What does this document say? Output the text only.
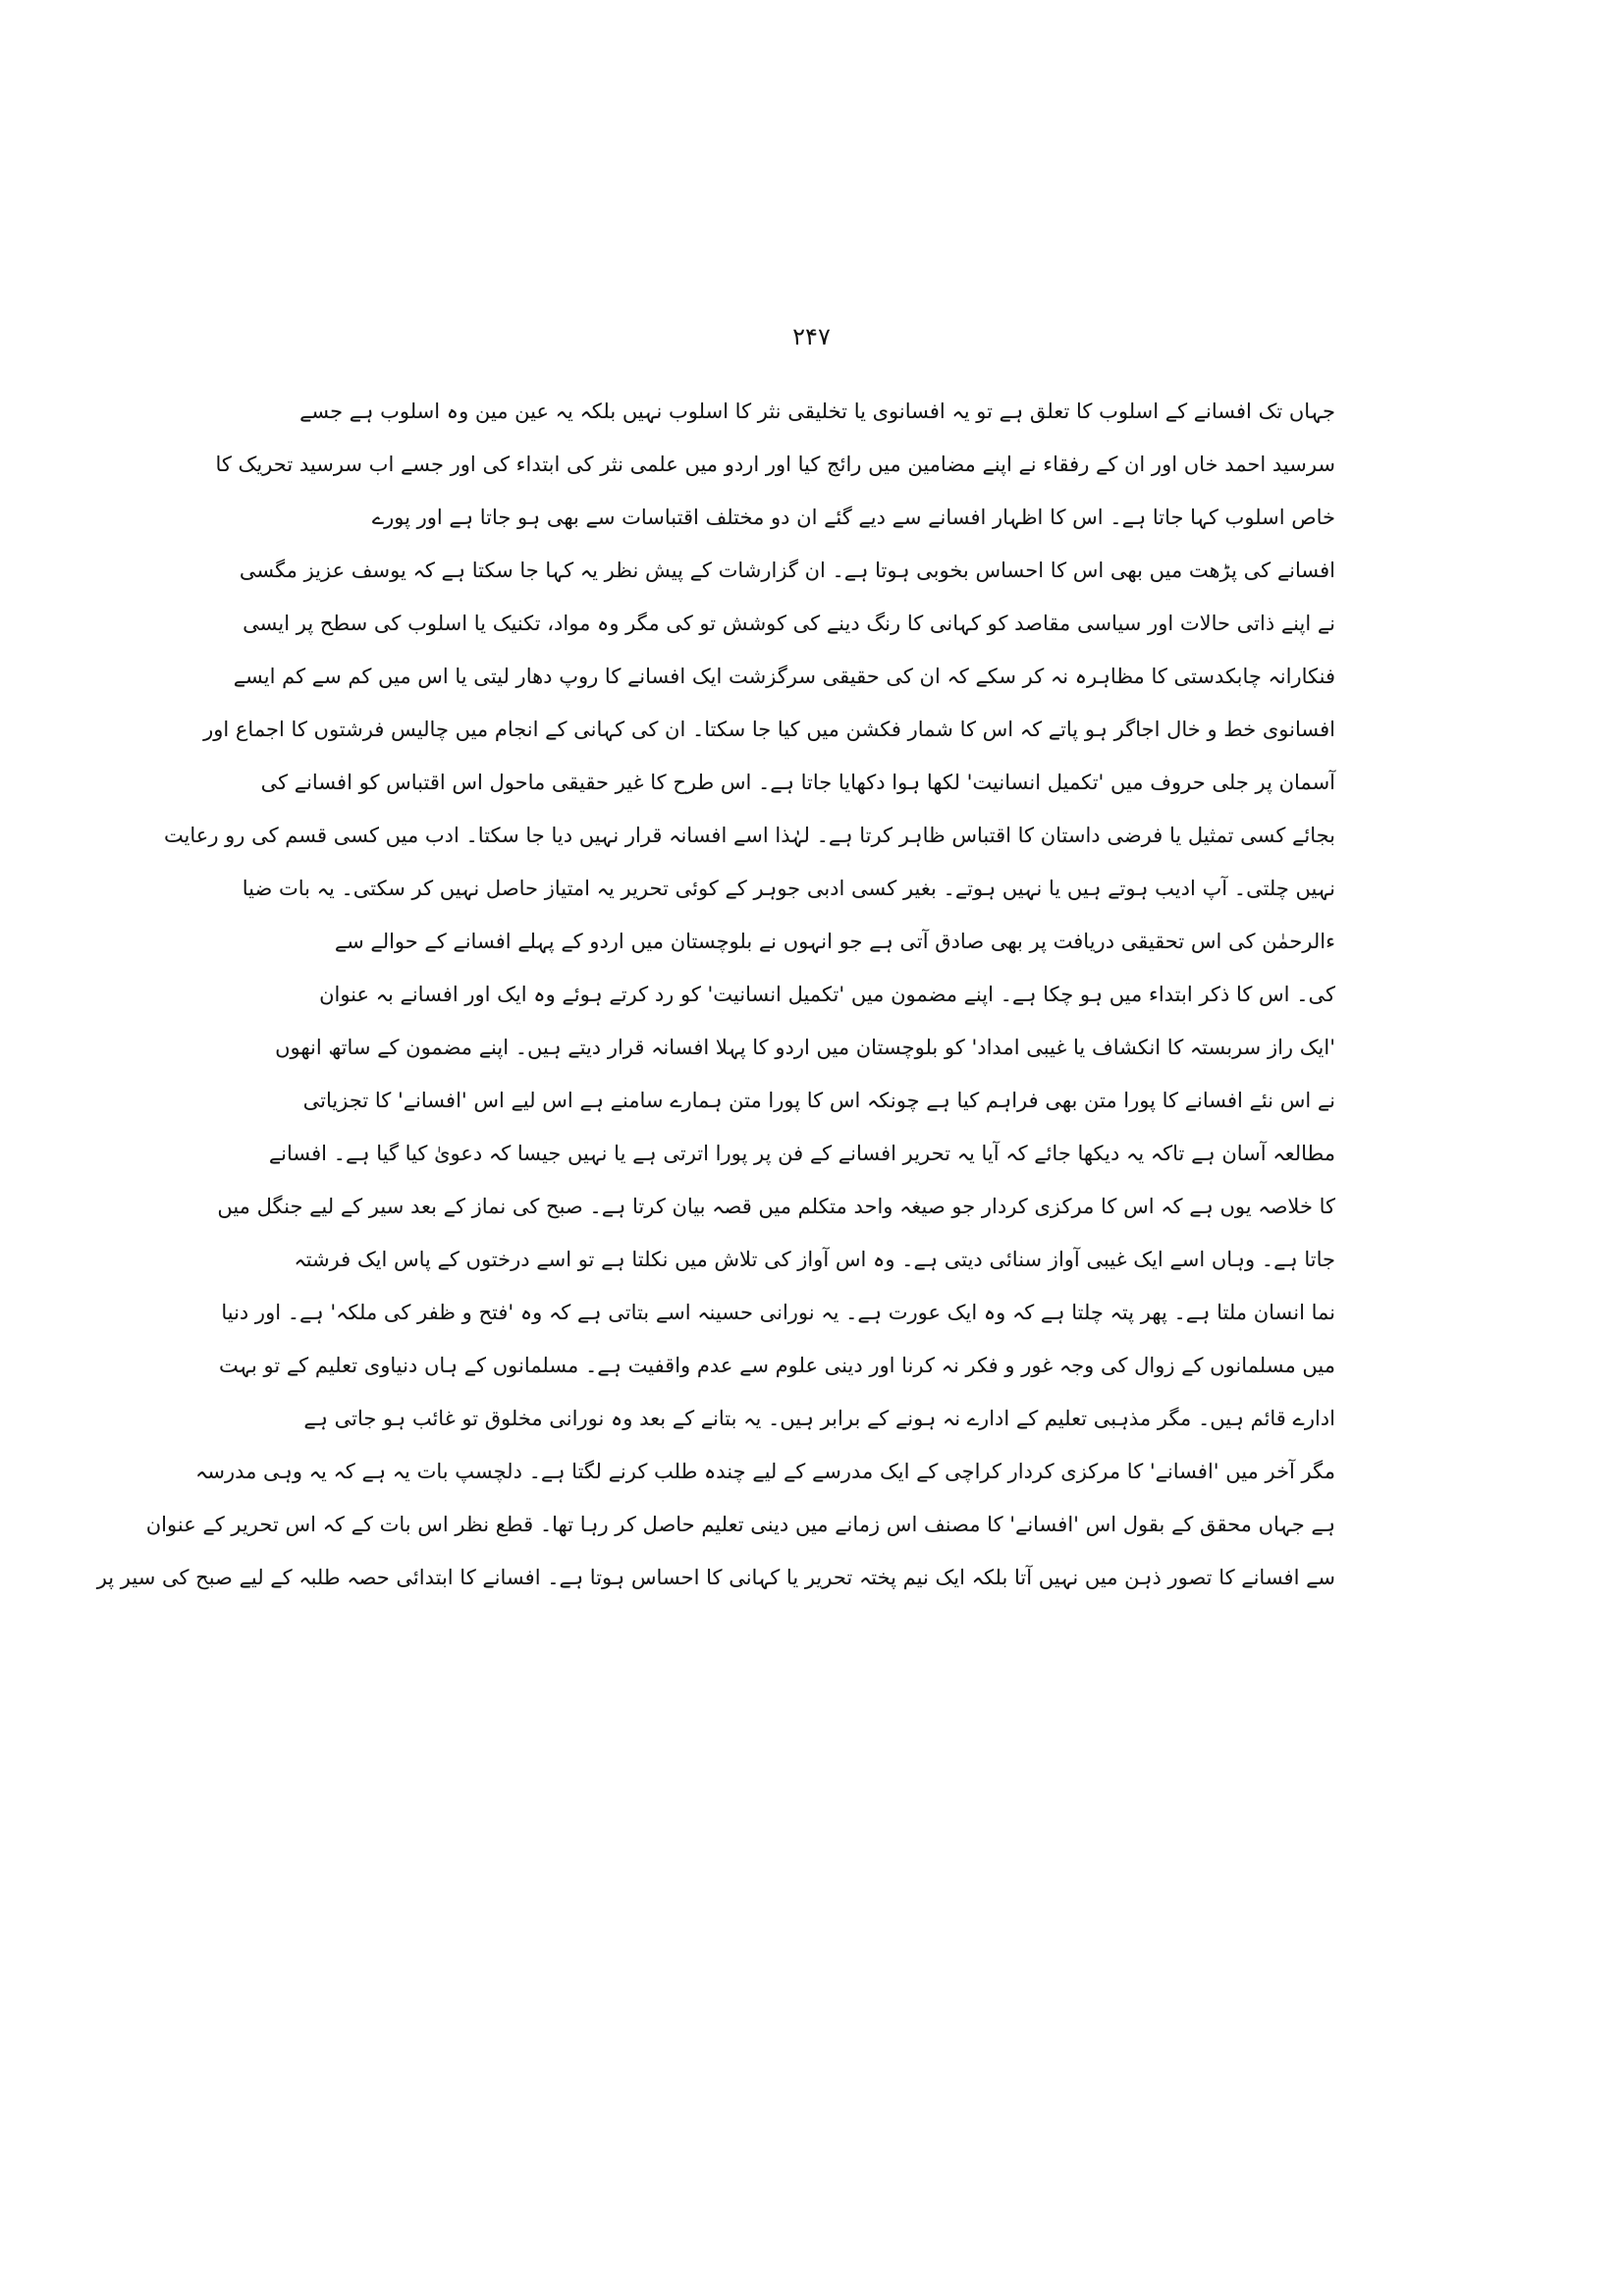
۲۴۷
جہاں تک افسانے کے اسلوب کا تعلق ہے تو یہ افسانوی یا تخلیقی نثر کا اسلوب نہیں بلکہ یہ عین مین وہ اسلوب ہے جسے
سرسید احمد خاں اور ان کے رفقاء نے اپنے مضامین میں رائج کیا اور اردو میں علمی نثر کی ابتداء کی اور جسے اب سرسید تحریک کا
خاص اسلوب کہا جاتا ہے۔ اس کا اظہار افسانے سے دیے گئے ان دو مختلف اقتباسات سے بھی ہو جاتا ہے اور پورے
افسانے کی پڑھت میں بھی اس کا احساس بخوبی ہوتا ہے۔ ان گزارشات کے پیش نظر یہ کہا جا سکتا ہے کہ یوسف عزیز مگسی
نے اپنے ذاتی حالات اور سیاسی مقاصد کو کہانی کا رنگ دینے کی کوشش تو کی مگر وہ مواد، تکنیک یا اسلوب کی سطح پر ایسی
فنکارانہ چابکدستی کا مظاہرہ نہ کر سکے کہ ان کی حقیقی سرگزشت ایک افسانے کا روپ دھار لیتی یا اس میں کم سے کم ایسے
افسانوی خط و خال اجاگر ہو پاتے کہ اس کا شمار فکشن میں کیا جا سکتا۔ ان کی کہانی کے انجام میں چالیس فرشتوں کا اجماع اور
آسمان پر جلی حروف میں 'تکمیل انسانیت' لکھا ہوا دکھایا جاتا ہے۔ اس طرح کا غیر حقیقی ماحول اس اقتباس کو افسانے کی
بجائے کسی تمثیل یا فرضی داستان کا اقتباس ظاہر کرتا ہے۔ لہٰذا اسے افسانہ قرار نہیں دیا جا سکتا۔ ادب میں کسی قسم کی رو رعایت
نہیں چلتی۔ آپ ادیب ہوتے ہیں یا نہیں ہوتے۔ بغیر کسی ادبی جوہر کے کوئی تحریر یہ امتیاز حاصل نہیں کر سکتی۔ یہ بات ضیا
ءالرحمٰن کی اس تحقیقی دریافت پر بھی صادق آتی ہے جو انہوں نے بلوچستان میں اردو کے پہلے افسانے کے حوالے سے
کی۔ اس کا ذکر ابتداء میں ہو چکا ہے۔ اپنے مضمون میں 'تکمیل انسانیت' کو رد کرتے ہوئے وہ ایک اور افسانے بہ عنوان
'ایک راز سربستہ کا انکشاف یا غیبی امداد' کو بلوچستان میں اردو کا پہلا افسانہ قرار دیتے ہیں۔ اپنے مضمون کے ساتھ انھوں
نے اس نئے افسانے کا پورا متن بھی فراہم کیا ہے چونکہ اس کا پورا متن ہمارے سامنے ہے اس لیے اس 'افسانے' کا تجزیاتی
مطالعہ آسان ہے تاکہ یہ دیکھا جائے کہ آیا یہ تحریر افسانے کے فن پر پورا اترتی ہے یا نہیں جیسا کہ دعویٰ کیا گیا ہے۔ افسانے
کا خلاصہ یوں ہے کہ اس کا مرکزی کردار جو صیغہ واحد متکلم میں قصہ بیان کرتا ہے۔ صبح کی نماز کے بعد سیر کے لیے جنگل میں
جاتا ہے۔ وہاں اسے ایک غیبی آواز سنائی دیتی ہے۔ وہ اس آواز کی تلاش میں نکلتا ہے تو اسے درختوں کے پاس ایک فرشتہ
نما انسان ملتا ہے۔ پھر پتہ چلتا ہے کہ وہ ایک عورت ہے۔ یہ نورانی حسینہ اسے بتاتی ہے کہ وہ 'فتح و ظفر کی ملکہ' ہے۔ اور دنیا
میں مسلمانوں کے زوال کی وجہ غور و فکر نہ کرنا اور دینی علوم سے عدم واقفیت ہے۔ مسلمانوں کے ہاں دنیاوی تعلیم کے تو بہت
ادارے قائم ہیں۔ مگر مذہبی تعلیم کے ادارے نہ ہونے کے برابر ہیں۔ یہ بتانے کے بعد وہ نورانی مخلوق تو غائب ہو جاتی ہے
مگر آخر میں 'افسانے' کا مرکزی کردار کراچی کے ایک مدرسے کے لیے چندہ طلب کرنے لگتا ہے۔ دلچسپ بات یہ ہے کہ یہ وہی مدرسہ
ہے جہاں محقق کے بقول اس 'افسانے' کا مصنف اس زمانے میں دینی تعلیم حاصل کر رہا تھا۔ قطع نظر اس بات کے کہ اس تحریر کے عنوان
سے افسانے کا تصور ذہن میں نہیں آتا بلکہ ایک نیم پختہ تحریر یا کہانی کا احساس ہوتا ہے۔ افسانے کا ابتدائی حصہ طلبہ کے لیے صبح کی سیر پر
